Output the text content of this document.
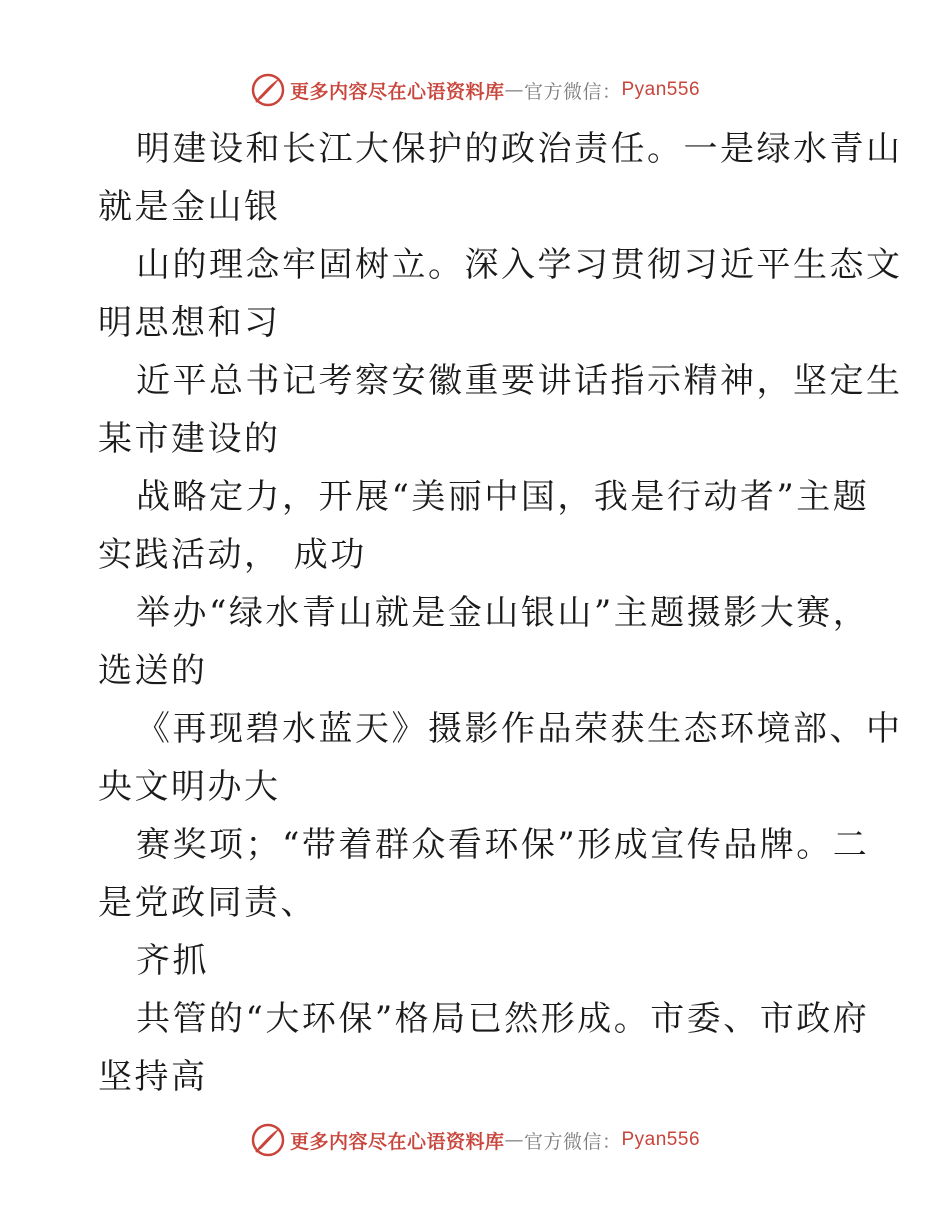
更多内容尽在心语资料库 — 官方微信： Pyan556
明建设和长江大保护的政治责任。一是绿水青山
就是金山银
山的理念牢固树立。深入学习贯彻习近平生态文
明思想和习
近平总书记考察安徽重要讲话指示精神，坚定生
某市建设的
战略定力，开展“美丽中国，我是行动者”主题
实践活动， 成功
举办“绿水青山就是金山银山”主题摄影大赛，
选送的
《再现碧水蓝天》摄影作品荣获生态环境部、中
央文明办大
赛奖项；“带着群众看环保”形成宣传品牌。二
是党政同责、
齐抓
共管的“大环保”格局已然形成。市委、市政府
坚持高
更多内容尽在心语资料库 — 官方微信： Pyan556
